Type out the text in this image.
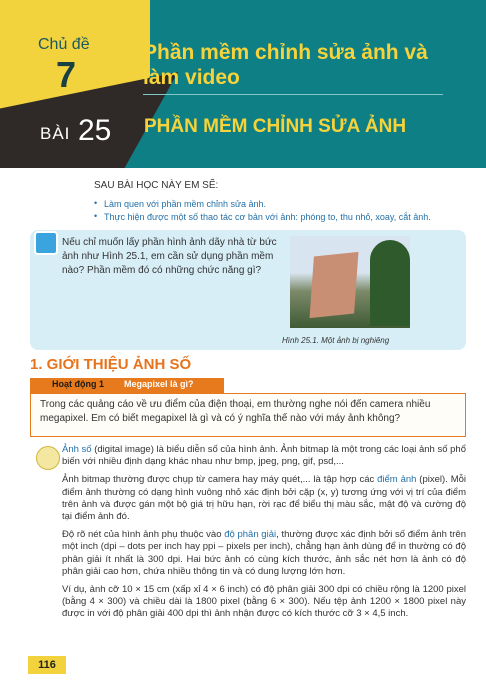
Chủ đề
7
Phần mềm chỉnh sửa ảnh và làm video
BÀI 25 PHẦN MỀM CHỈNH SỬA ẢNH
SAU BÀI HỌC NÀY EM SẼ:
• Làm quen với phần mềm chỉnh sửa ảnh.
• Thực hiện được một số thao tác cơ bản với ảnh: phóng to, thu nhỏ, xoay, cắt ảnh.
Nếu chỉ muốn lấy phần hình ảnh dãy nhà từ bức ảnh như Hình 25.1, em cần sử dụng phần mềm nào? Phần mềm đó có những chức năng gì?
Hình 25.1. Một ảnh bị nghiêng
1. GIỚI THIỆU ẢNH SỐ
Hoạt động 1 Megapixel là gì?
Trong các quảng cáo về ưu điểm của điện thoại, em thường nghe nói đến camera nhiều megapixel. Em có biết megapixel là gì và có ý nghĩa thế nào với máy ảnh không?

Ảnh số (digital image) là biểu diễn số của hình ảnh. Ảnh bitmap là một trong các loại ảnh số phổ biến với nhiều định dạng khác nhau như bmp, jpeg, png, gif, psd,...

Ảnh bitmap thường được chụp từ camera hay máy quét,... là tập hợp các điểm ảnh (pixel). Mỗi điểm ảnh thường có dạng hình vuông nhỏ xác định bởi cặp (x, y) tương ứng với vị trí của điểm trên ảnh và được gán một bộ giá trị hữu hạn, rời rạc để biểu thị màu sắc, mật độ và cường độ tại điểm ảnh đó.

Độ rõ nét của hình ảnh phụ thuộc vào độ phân giải, thường được xác định bởi số điểm ảnh trên một inch (dpi – dots per inch hay ppi – pixels per inch), chẳng hạn ảnh dùng để in thường có độ phân giải ít nhất là 300 dpi. Hai bức ảnh có cùng kích thước, ảnh sắc nét hơn là ảnh có độ phân giải cao hơn, chứa nhiều thông tin và có dung lượng lớn hơn.

Ví dụ, ảnh cỡ 10 × 15 cm (xấp xỉ 4 × 6 inch) có độ phân giải 300 dpi có chiều rộng là 1200 pixel (bằng 4 × 300) và chiều dài là 1800 pixel (bằng 6 × 300). Nếu tệp ảnh 1200 × 1800 pixel này được in với độ phân giải 400 dpi thì ảnh nhận được có kích thước cỡ 3 × 4,5 inch.

116
